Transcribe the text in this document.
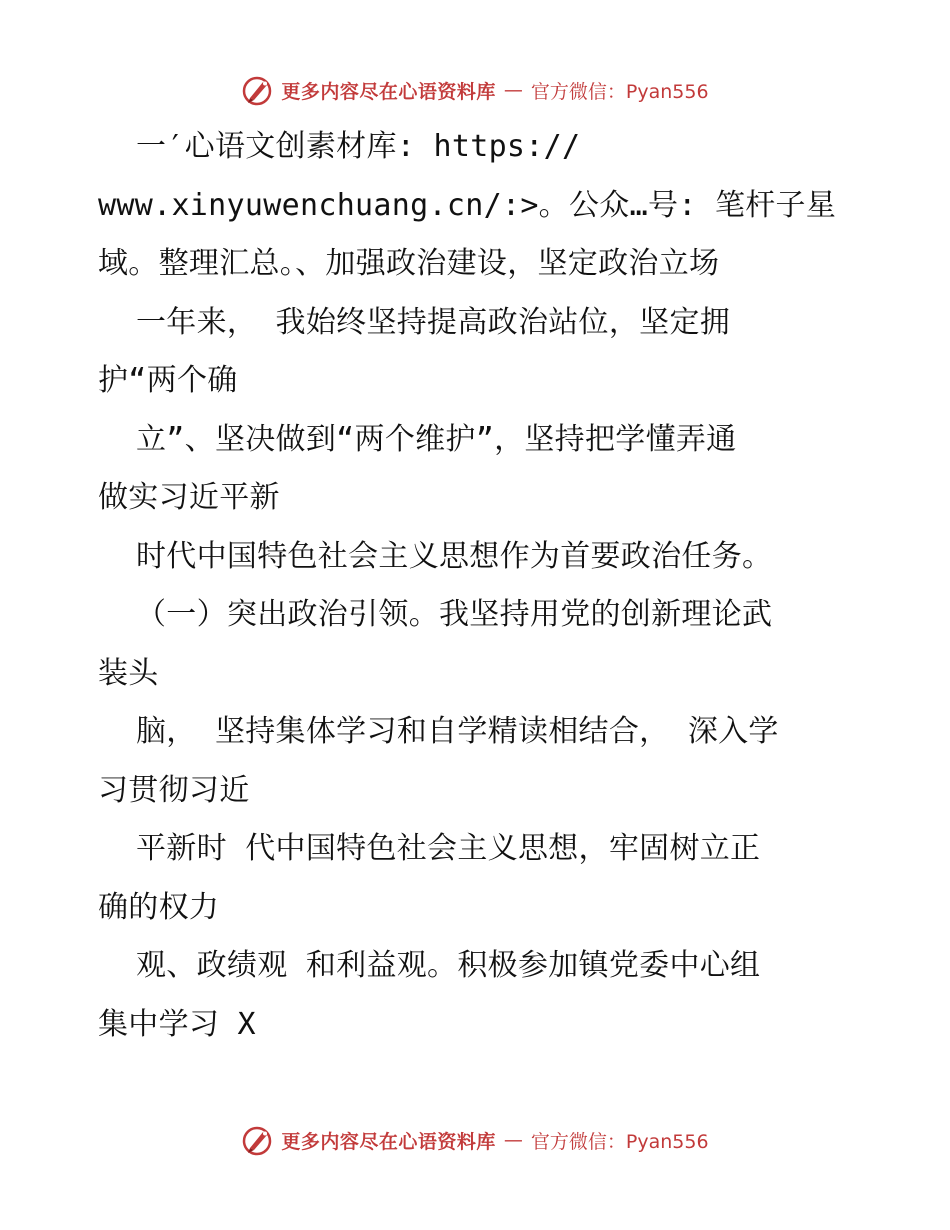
更多内容尽在心语资料库 — 官方微信：Pyan556
一′心语文创素材库: https://
www.xinyuwenchuang.cn/:>。公众…号: 笔杆子星
域。整理汇总。、加强政治建设，坚定政治立场
一年来， 我始终坚持提高政治站位，坚定拥
护“两个确
立”、坚决做到“两个维护”，坚持把学懂弄通
做实习近平新
时代中国特色社会主义思想作为首要政治任务。
（一）突出政治引领。我坚持用党的创新理论武
装头
脑， 坚持集体学习和自学精读相结合， 深入学
习贯彻习近
平新时 代中国特色社会主义思想，牢固树立正
确的权力
观、政绩观 和利益观。积极参加镇党委中心组
集中学习 X
更多内容尽在心语资料库 — 官方微信：Pyan556
